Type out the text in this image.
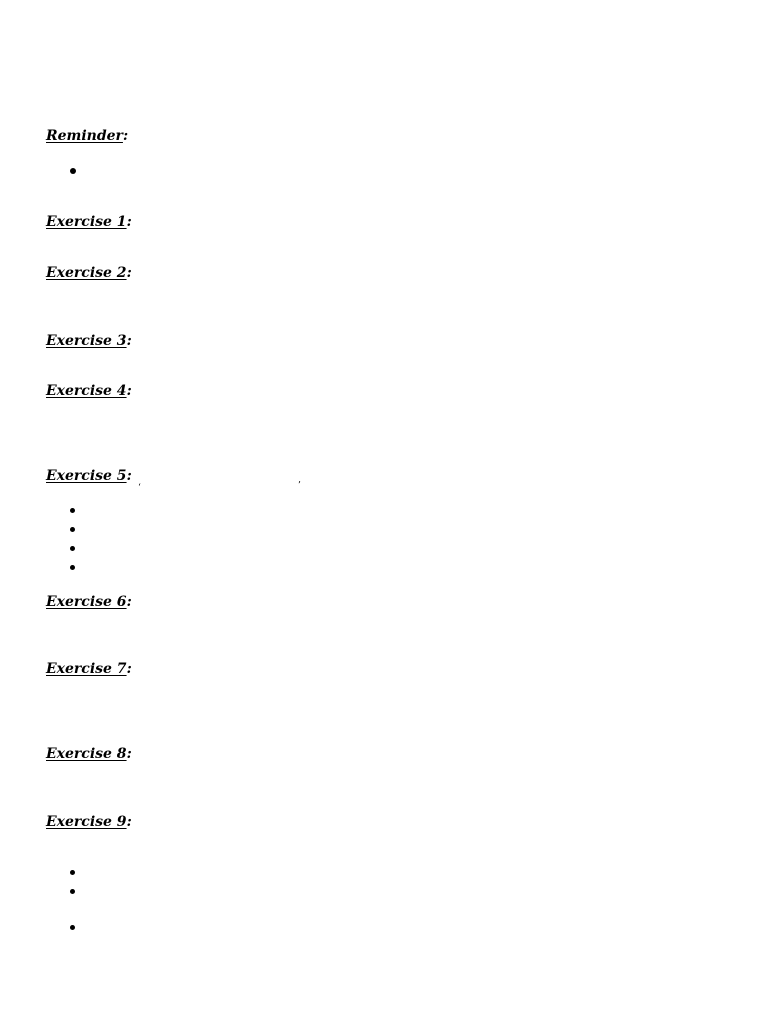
Reminder:
Exercise 1:
Exercise 2:
Exercise 3:
Exercise 4:
Exercise 5:
‘	’
Exercise 6:
Exercise 7:
Exercise 8:
Exercise 9:
